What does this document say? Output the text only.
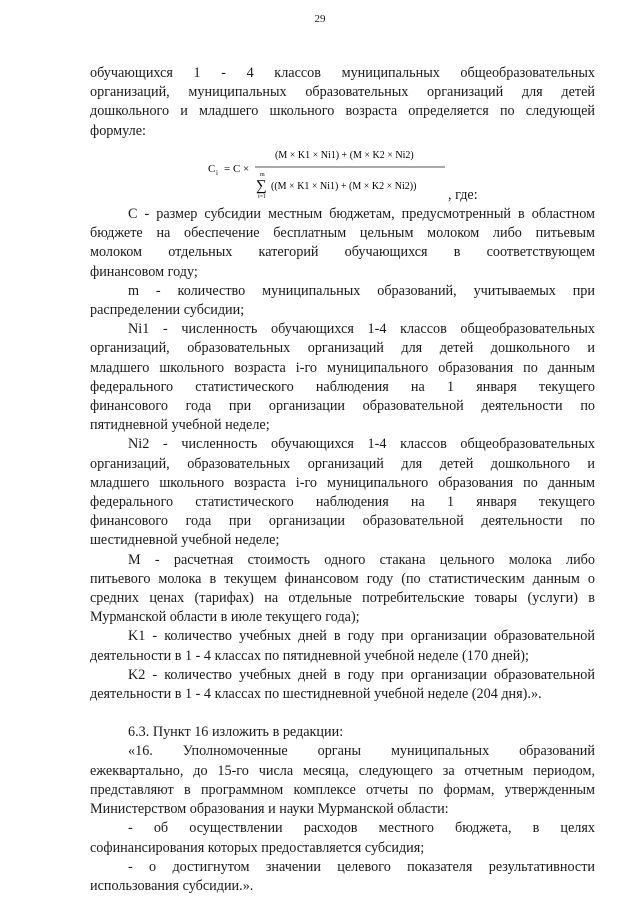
29
обучающихся 1 - 4 классов муниципальных общеобразовательных
организаций, муниципальных образовательных организаций для детей
дошкольного и младшего школьного возраста определяется по следующей
формуле:
C i = C ×
(M × K1 × Ni1) + (M × K2 × Ni2)
m
∑
i=1
((M × K1 × Ni1) + (M × K2 × Ni2))
, где:
C - размер субсидии местным бюджетам, предусмотренный в областном
бюджете на обеспечение бесплатным цельным молоком либо питьевым
молоком отдельных категорий обучающихся в соответствующем
финансовом году;
m - количество муниципальных образований, учитываемых при
распределении субсидии;
Ni1 - численность обучающихся 1-4 классов общеобразовательных
организаций, образовательных организаций для детей дошкольного и
младшего школьного возраста i-го муниципального образования по данным
федерального статистического наблюдения на 1 января текущего
финансового года при организации образовательной деятельности по
пятидневной учебной неделе;
Ni2 - численность обучающихся 1-4 классов общеобразовательных
организаций, образовательных организаций для детей дошкольного и
младшего школьного возраста i-го муниципального образования по данным
федерального статистического наблюдения на 1 января текущего
финансового года при организации образовательной деятельности по
шестидневной учебной неделе;
M - расчетная стоимость одного стакана цельного молока либо
питьевого молока в текущем финансовом году (по статистическим данным о
средних ценах (тарифах) на отдельные потребительские товары (услуги) в
Мурманской области в июле текущего года);
K1 - количество учебных дней в году при организации образовательной
деятельности в 1 - 4 классах по пятидневной учебной неделе (170 дней);
K2 - количество учебных дней в году при организации образовательной
деятельности в 1 - 4 классах по шестидневной учебной неделе (204 дня).».
6.3. Пункт 16 изложить в редакции:
«16. Уполномоченные органы муниципальных образований
ежеквартально, до 15-го числа месяца, следующего за отчетным периодом,
представляют в программном комплексе отчеты по формам, утвержденным
Министерством образования и науки Мурманской области:
- об осуществлении расходов местного бюджета, в целях
софинансирования которых предоставляется субсидия;
- о достигнутом значении целевого показателя результативности
использования субсидии.».
